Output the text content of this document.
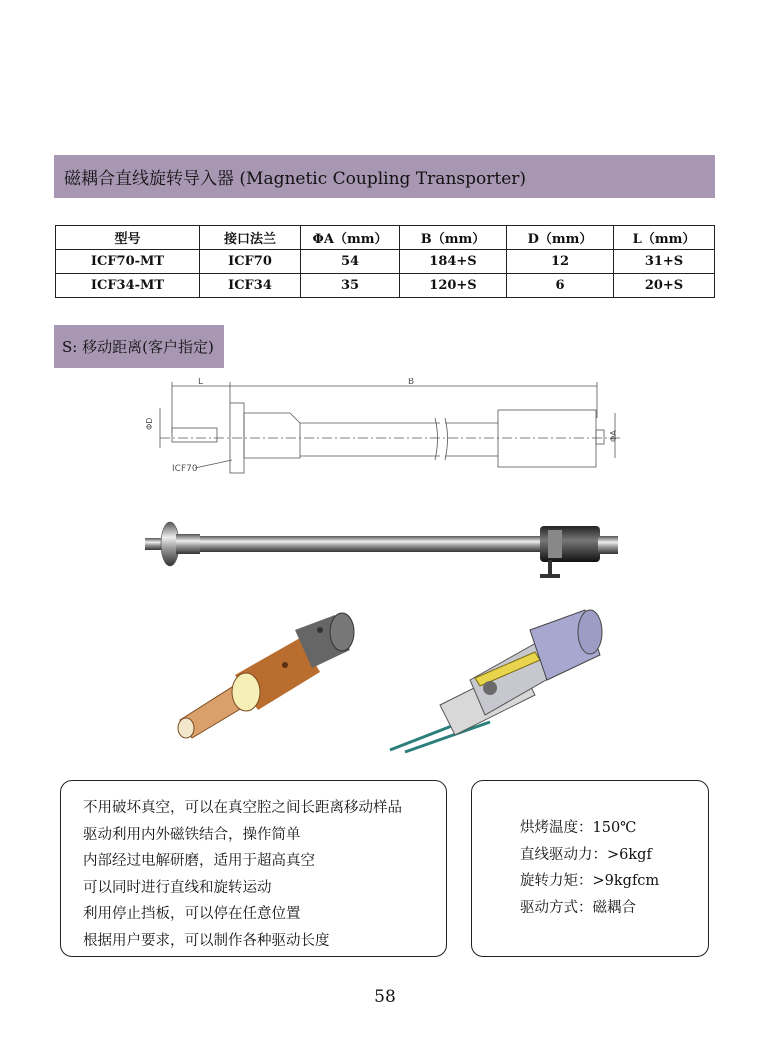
磁耦合直线旋转导入器 (Magnetic Coupling Transporter)
型号	接口法兰	ΦA（mm）	B（mm）	D（mm）	L（mm）
ICF70-MT	ICF70	54	184+S	12	31+S
ICF34-MT	ICF34	35	120+S	6	20+S
S: 移动距离(客户指定)
L	B
ΦD
ΦA
ICF70
不用破坏真空，可以在真空腔之间长距离移动样品
驱动利用内外磁铁结合，操作简单
内部经过电解研磨，适用于超高真空
可以同时进行直线和旋转运动
利用停止挡板，可以停在任意位置
根据用户要求，可以制作各种驱动长度
烘烤温度：150℃
直线驱动力：>6kgf
旋转力矩：>9kgfcm
驱动方式：磁耦合
58
